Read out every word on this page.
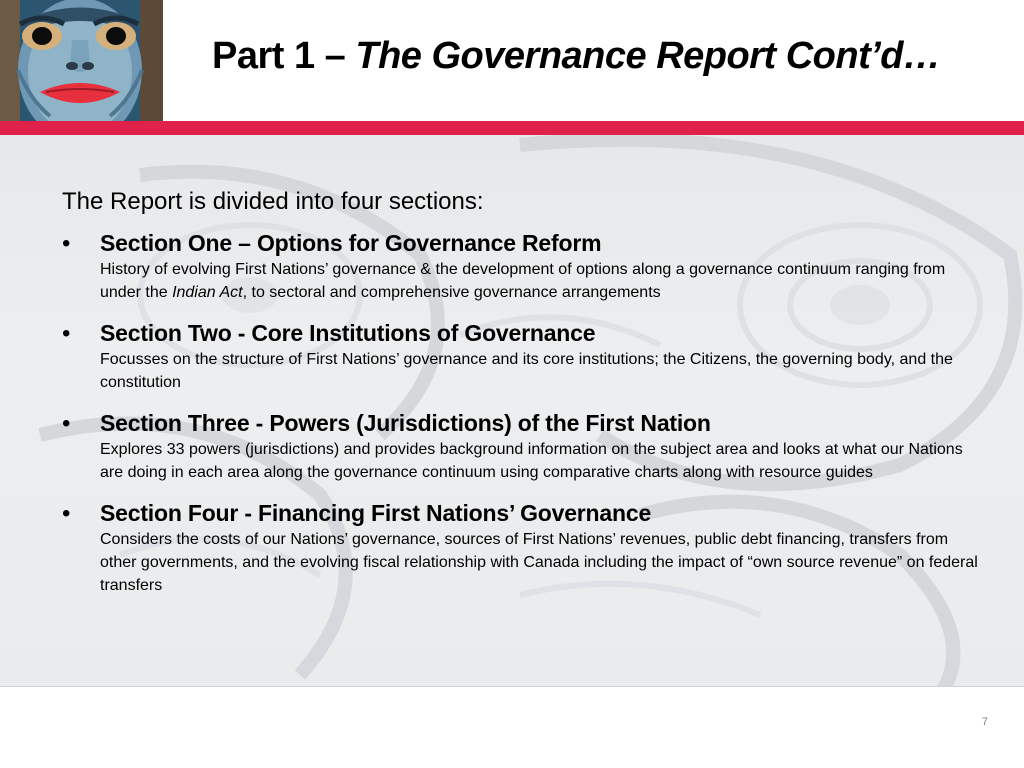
Part 1 – The Governance Report Cont’d…
The Report is divided into four sections:
• Section One – Options for Governance Reform
History of evolving First Nations’ governance & the development of options along a governance continuum ranging from under the Indian Act, to sectoral and comprehensive governance arrangements
• Section Two - Core Institutions of Governance
Focusses on the structure of First Nations’ governance and its core institutions; the Citizens, the governing body, and the constitution
• Section Three - Powers (Jurisdictions) of the First Nation
Explores 33 powers (jurisdictions) and provides background information on the subject area and looks at what our Nations are doing in each area along the governance continuum using comparative charts along with resource guides
• Section Four - Financing First Nations’ Governance
Considers the costs of our Nations’ governance, sources of First Nations’ revenues, public debt financing, transfers from other governments, and the evolving fiscal relationship with Canada including the impact of “own source revenue” on federal transfers
7
